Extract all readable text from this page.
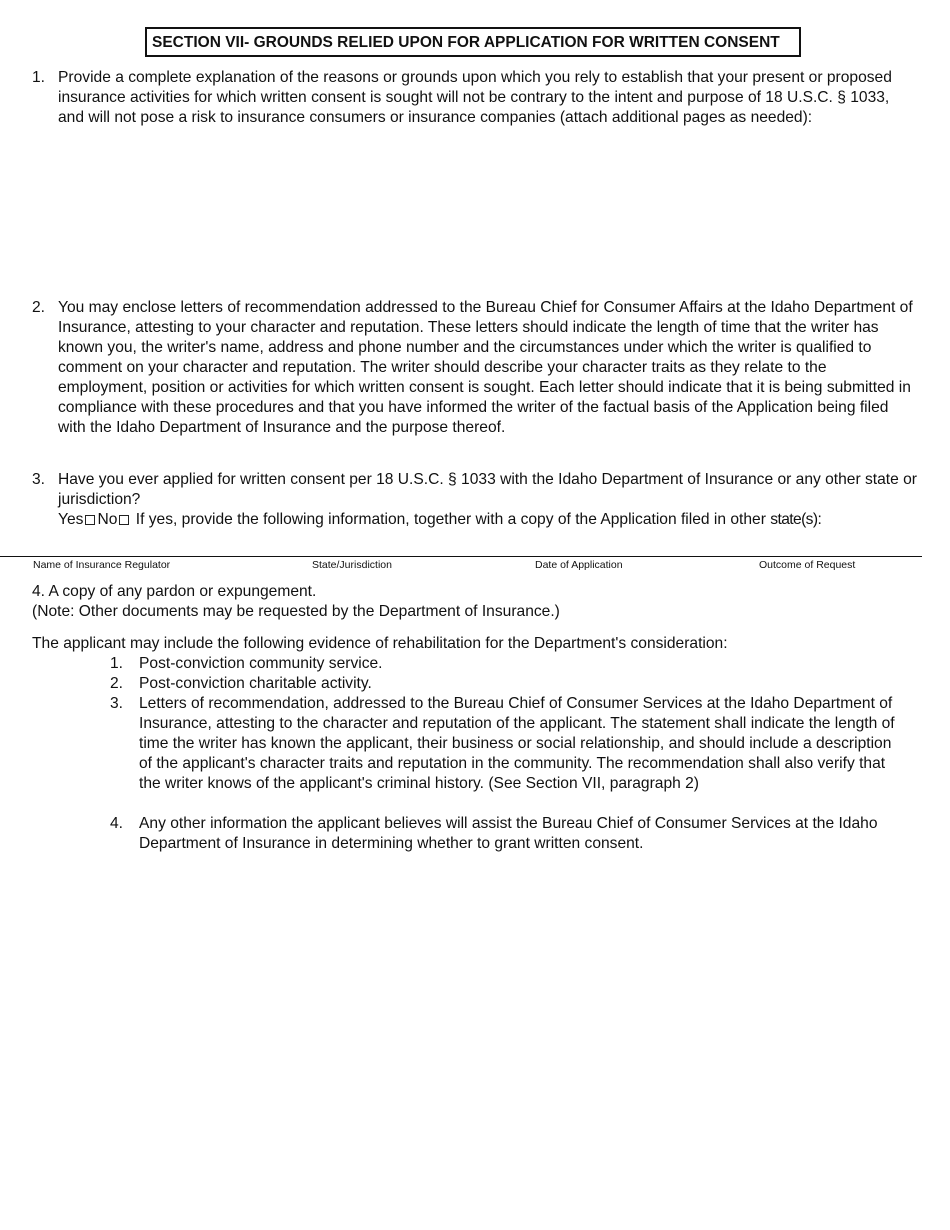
SECTION VII- GROUNDS RELIED UPON FOR APPLICATION FOR WRITTEN CONSENT
1. Provide a complete explanation of the reasons or grounds upon which you rely to establish that your present or proposed insurance activities for which written consent is sought will not be contrary to the intent and purpose of 18 U.S.C. § 1033, and will not pose a risk to insurance consumers or insurance companies (attach additional pages as needed):
2. You may enclose letters of recommendation addressed to the Bureau Chief for Consumer Affairs at the Idaho Department of Insurance, attesting to your character and reputation. These letters should indicate the length of time that the writer has known you, the writer's name, address and phone number and the circumstances under which the writer is qualified to comment on your character and reputation. The writer should describe your character traits as they relate to the employment, position or activities for which written consent is sought. Each letter should indicate that it is being submitted in compliance with these procedures and that you have informed the writer of the factual basis of the Application being filed with the Idaho Department of Insurance and the purpose thereof.
3. Have you ever applied for written consent per 18 U.S.C. § 1033 with the Idaho Department of Insurance or any other state or jurisdiction?
Yes No If yes, provide the following information, together with a copy of the Application filed in other state(s):
Name of Insurance Regulator	State/Jurisdiction	Date of Application	Outcome of Request
4. A copy of any pardon or expungement.
(Note: Other documents may be requested by the Department of Insurance.)
The applicant may include the following evidence of rehabilitation for the Department's consideration:
1. Post-conviction community service.
2. Post-conviction charitable activity.
3. Letters of recommendation, addressed to the Bureau Chief of Consumer Services at the Idaho Department of Insurance, attesting to the character and reputation of the applicant. The statement shall indicate the length of time the writer has known the applicant, their business or social relationship, and should include a description of the applicant's character traits and reputation in the community. The recommendation shall also verify that the writer knows of the applicant's criminal history. (See Section VII, paragraph 2)
4. Any other information the applicant believes will assist the Bureau Chief of Consumer Services at the Idaho Department of Insurance in determining whether to grant written consent.
